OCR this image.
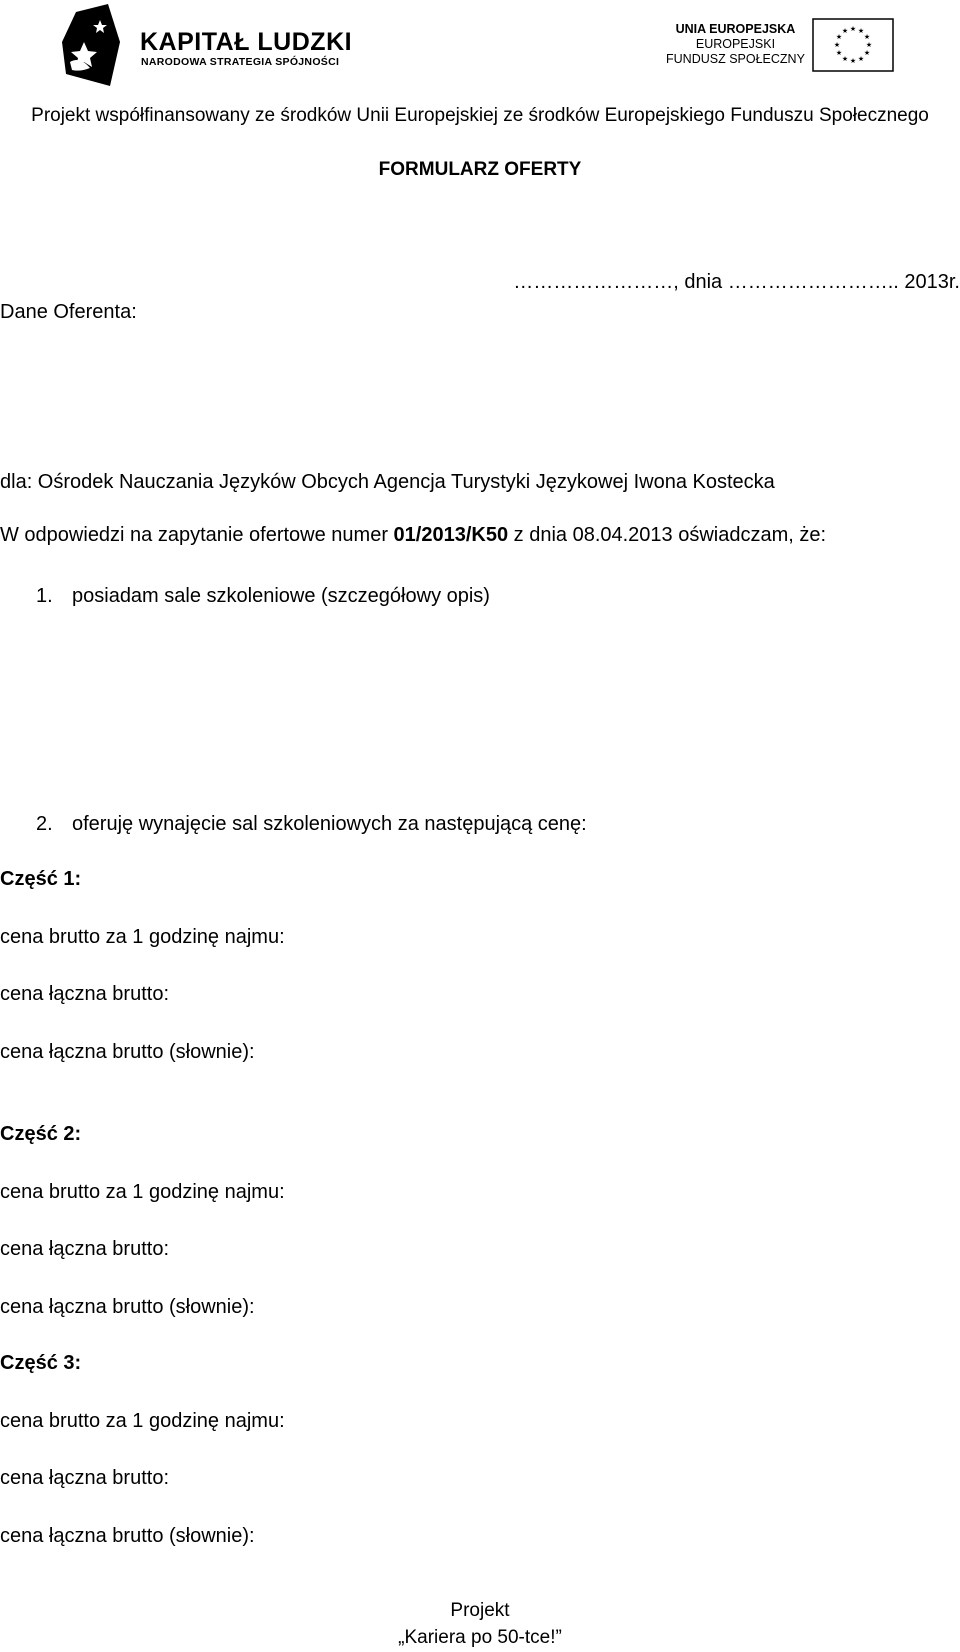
KAPITAŁ LUDZKI
NARODOWA STRATEGIA SPÓJNOŚCI
UNIA EUROPEJSKA
EUROPEJSKI
FUNDUSZ SPOŁECZNY
★ ★
★
★
★
★
★
★
★
★
★
★
Projekt współfinansowany ze środków Unii Europejskiej ze środków Europejskiego Funduszu Społecznego
FORMULARZ OFERTY
……………………, dnia …………………….. 2013r.
Dane Oferenta:
dla: Ośrodek Nauczania Języków Obcych Agencja Turystyki Językowej Iwona Kostecka
W odpowiedzi na zapytanie ofertowe numer 01/2013/K50 z dnia 08.04.2013 oświadczam, że:
1. posiadam sale szkoleniowe (szczegółowy opis)
2. oferuję wynajęcie sal szkoleniowych za następującą cenę:
Część 1:
cena brutto za 1 godzinę najmu:
cena łączna brutto:
cena łączna brutto (słownie):
Część 2:
cena brutto za 1 godzinę najmu:
cena łączna brutto:
cena łączna brutto (słownie):
Część 3:
cena brutto za 1 godzinę najmu:
cena łączna brutto:
cena łączna brutto (słownie):
Projekt
„Kariera po 50-tce!”
